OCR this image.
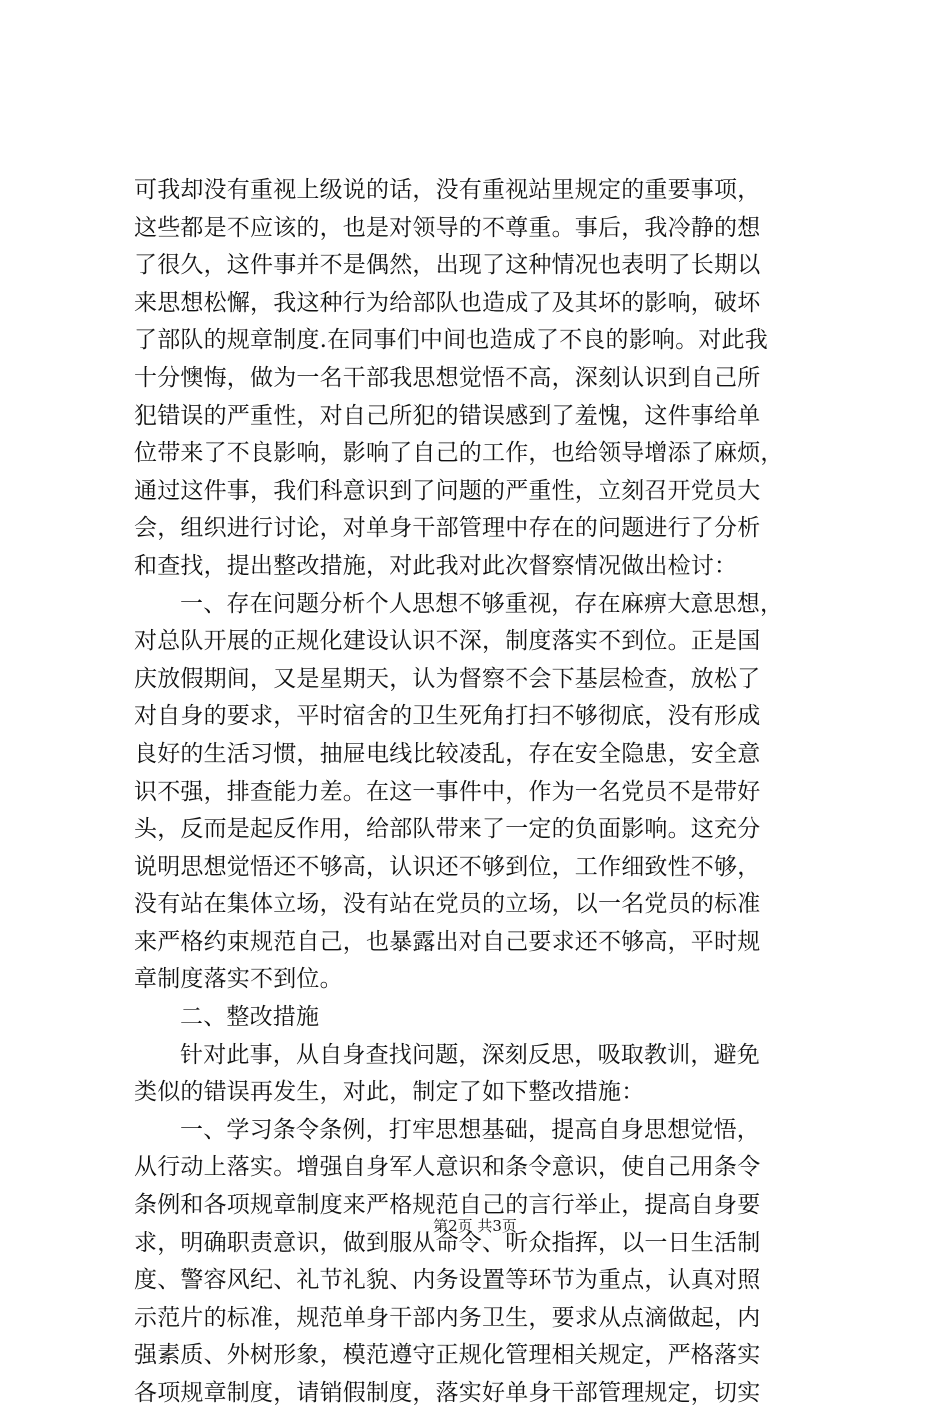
可我却没有重视上级说的话，没有重视站里规定的重要事项，
这些都是不应该的，也是对领导的不尊重。事后，我冷静的想
了很久，这件事并不是偶然，出现了这种情况也表明了长期以
来思想松懈，我这种行为给部队也造成了及其坏的影响，破坏
了部队的规章制度.在同事们中间也造成了不良的影响。对此我
十分懊悔，做为一名干部我思想觉悟不高，深刻认识到自己所
犯错误的严重性，对自己所犯的错误感到了羞愧，这件事给单
位带来了不良影响，影响了自己的工作，也给领导增添了麻烦，
通过这件事，我们科意识到了问题的严重性，立刻召开党员大
会，组织进行讨论，对单身干部管理中存在的问题进行了分析
和查找，提出整改措施，对此我对此次督察情况做出检讨：
一、存在问题分析个人思想不够重视，存在麻痹大意思想，
对总队开展的正规化建设认识不深，制度落实不到位。正是国
庆放假期间，又是星期天，认为督察不会下基层检查，放松了
对自身的要求，平时宿舍的卫生死角打扫不够彻底，没有形成
良好的生活习惯，抽屉电线比较凌乱，存在安全隐患，安全意
识不强，排查能力差。在这一事件中，作为一名党员不是带好
头，反而是起反作用，给部队带来了一定的负面影响。这充分
说明思想觉悟还不够高，认识还不够到位，工作细致性不够，
没有站在集体立场，没有站在党员的立场，以一名党员的标准
来严格约束规范自己，也暴露出对自己要求还不够高，平时规
章制度落实不到位。
二、整改措施
针对此事，从自身查找问题，深刻反思，吸取教训，避免
类似的错误再发生，对此，制定了如下整改措施：
一、学习条令条例，打牢思想基础，提高自身思想觉悟，
从行动上落实。增强自身军人意识和条令意识，使自己用条令
条例和各项规章制度来严格规范自己的言行举止，提高自身要
求，明确职责意识，做到服从命令、听众指挥，以一日生活制
度、警容风纪、礼节礼貌、内务设置等环节为重点，认真对照
示范片的标准，规范单身干部内务卫生，要求从点滴做起，内
强素质、外树形象，模范遵守正规化管理相关规定，严格落实
各项规章制度，请销假制度，落实好单身干部管理规定，切实
第2页 共3页
